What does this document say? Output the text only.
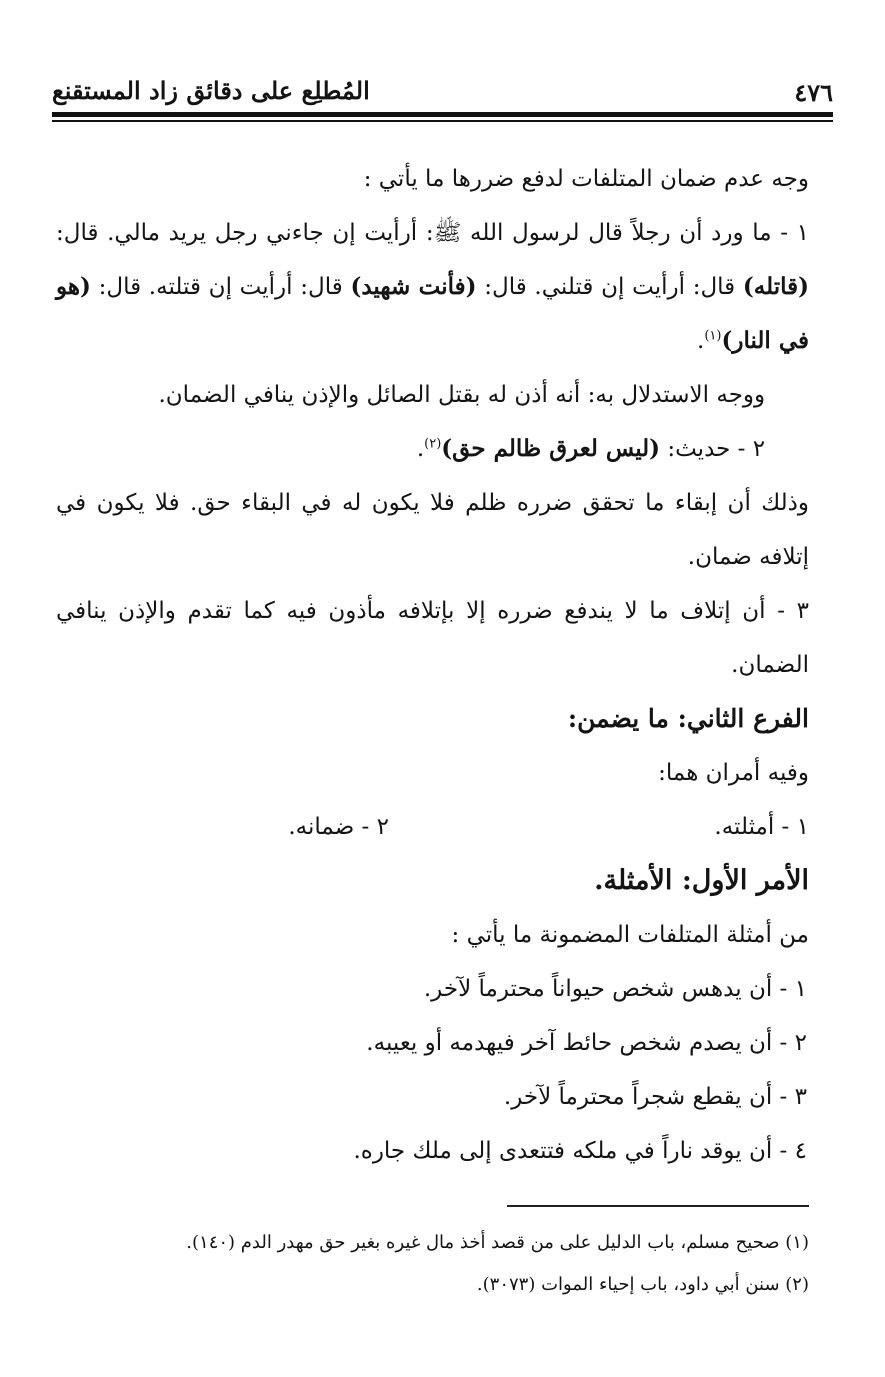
٤٧٦
المُطلِع على دقائق زاد المستقنع

وجه عدم ضمان المتلفات لدفع ضررها ما يأتي :

١ - ما ورد أن رجلاً قال لرسول الله ﷺ: أرأيت إن جاءني رجل يريد مالي. قال: (قاتله) قال: أرأيت إن قتلني. قال: (فأنت شهيد) قال: أرأيت إن قتلته. قال: (هو في النار)$^{(١)}$.

ووجه الاستدلال به: أنه أذن له بقتل الصائل والإذن ينافي الضمان.

٢ - حديث: (ليس لعرق ظالم حق)$^{(٢)}$.

وذلك أن إبقاء ما تحقق ضرره ظلم فلا يكون له في البقاء حق. فلا يكون في إتلافه ضمان.

٣ - أن إتلاف ما لا يندفع ضرره إلا بإتلافه مأذون فيه كما تقدم والإذن ينافي الضمان.

الفرع الثاني: ما يضمن:

وفيه أمران هما:

١ - أمثلته.
٢ - ضمانه.

الأمر الأول: الأمثلة.

من أمثلة المتلفات المضمونة ما يأتي :

١ - أن يدهس شخص حيواناً محترماً لآخر.

٢ - أن يصدم شخص حائط آخر فيهدمه أو يعيبه.

٣ - أن يقطع شجراً محترماً لآخر.

٤ - أن يوقد ناراً في ملكه فتتعدى إلى ملك جاره.

(١) صحيح مسلم، باب الدليل على من قصد أخذ مال غيره بغير حق مهدر الدم (١٤٠).

(٢) سنن أبي داود، باب إحياء الموات (٣٠٧٣).
